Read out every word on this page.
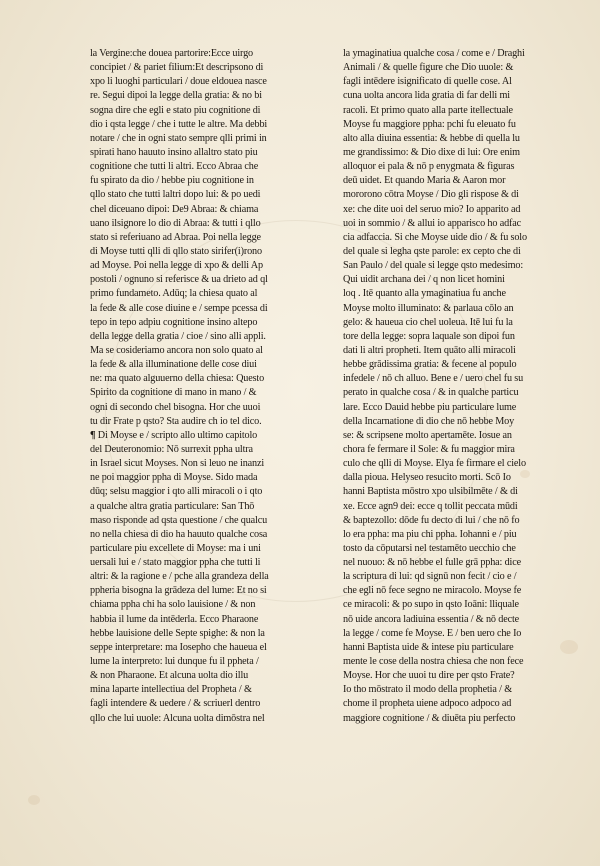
la Vergine:che douea partorire:Ecce uirgo
concipiet / & pariet filium:Et descripsono di
xpo li luoghi particulari / doue eldouea nasce
re. Segui dipoi la legge della gratia: & no bi
sogna dire che egli e stato piu cognitione di
dio i qsta legge / che i tutte le altre. Ma debbi
notare / che in ogni stato sempre qlli primi in
spirati hano hauuto insino allaltro stato piu
cognitione che tutti li altri. Ecco Abraa che
fu spirato da dio / hebbe piu cognitione in
qllo stato che tutti laltri dopo lui: & po uedi
chel diceuano dipoi: De9 Abraa: & chiama
uano ilsignore lo dio di Abraa: & tutti i qllo
stato si referiuano ad Abraa. Poi nella legge
di Moyse tutti qlli di qllo stato sirifer(i)rono
ad Moyse. Poi nella legge di xpo & delli Ap
postoli / ognuno si referisce & ua drieto ad ql
primo fundameto. Adūq; la chiesa quato al
la fede & alle cose diuine e / sempe pcessa di
tepo in tepo adpiu cognitione insino altepo
della legge della gratia / cioe / sino alli appli.
Ma se cosideriamo ancora non solo quato al
la fede & alla illuminatione delle cose diui
ne: ma quato alguuerno della chiesa: Questo
Spirito da cognitione di mano in mano / &
ogni di secondo chel bisogna. Hor che uuoi
tu dir Frate p qsto? Sta audire ch io tel dico.
¶ Di Moyse e / scripto allo ultimo capitolo
del Deuteronomio: Nō surrexit ppha ultra
in Israel sicut Moyses. Non si leuo ne inanzi
ne poi maggior ppha di Moyse. Sido mada
dūq; selsu maggior i qto alli miracoli o i qto
a qualche altra gratia particulare: San Thō
maso risponde ad qsta questione / che qualcu
no nella chiesa di dio ha hauuto qualche cosa
particulare piu excellete di Moyse: ma i uni
uersali lui e / stato maggior ppha che tutti li
altri: & la ragione e / pche alla grandeza della
ppheria bisogna la grādeza del lume: Et no si
chiama ppha chi ha solo lauisione / & non
habbia il lume da intēderla. Ecco Pharaone
hebbe lauisione delle Septe spighe: & non la
seppe interpretare: ma Iosepho che haueua el
lume la interpreto: lui dunque fu il ppheta /
& non Pharaone. Et alcuna uolta dio illu
mina laparte intellectiua del Propheta / &
fagli intendere & uedere / & scriuerl dentro
qllo che lui uuole: Alcuna uolta dimōstra nel
la ymaginatiua qualche cosa / come e / Draghi
Animali / & quelle figure che Dio uuole: &
fagli intēdere isignificato di quelle cose. Al
cuna uolta ancora lida gratia di far delli mi
racoli. Et primo quato alla parte itellectuale
Moyse fu maggiore ppha: pchi fu eleuato fu
alto alla diuina essentia: & hebbe di quella lu
me grandissimo: & Dio dixe di lui: Ore enim
alloquor ei pala & nō p enygmata & figuras
deū uidet. Et quando Maria & Aaron mor
mororono cōtra Moyse / Dio gli rispose & di
xe: che dite uoi del seruo mio? Io apparito ad
uoi in sommio / & allui io apparisco ho adfac
cia adfaccia. Si che Moyse uide dio / & fu solo
del quale si legha qste parole: ex cepto che di
San Paulo / del quale si legge qsto medesimo:
Qui uidit archana dei / q non licet homini
loq . Itē quanto alla ymaginatiua fu anche
Moyse molto illuminato: & parlaua cōlo an
gelo: & haueua cio chel uoleua. Itē lui fu la
tore della legge: sopra laquale son dipoi fun
dati li altri propheti. Item quāto alli miracoli
hebbe grādissima gratia: & fecene al populo
infedele / nō ch alluo. Bene e / uero chel fu su
perato in qualche cosa / & in qualche particu
lare. Ecco Dauid hebbe piu particulare lume
della Incarnatione di dio che nō hebbe Moy
se: & scripsene molto apertamēte. Iosue an
chora fe fermare il Sole: & fu maggior mira
culo che qlli di Moyse. Elya fe firmare el cielo
dalla pioua. Helyseo resucito morti. Scō Io
hanni Baptista mōstro xpo ulsibilmēte / & di
xe. Ecce agn9 dei: ecce q tollit peccata mūdi
& baptezollo: dōde fu decto di lui / che nō fo
lo era ppha: ma piu chi ppha. Iohanni e / piu
tosto da cōputarsi nel testamēto uecchio che
nel nuouo: & nō hebbe el fulle grā ppha: dice
la scriptura di lui: qd signū non fecit / cio e /
che egli nō fece segno ne miracolo. Moyse fe
ce miracoli: & po supo in qsto Ioāni: lliquale
nō uide ancora ladiuina essentia / & nō decte
la legge / come fe Moyse. E / ben uero che Io
hanni Baptista uide & intese piu particulare
mente le cose della nostra chiesa che non fece
Moyse. Hor che uuoi tu dire per qsto Frate?
Io tho mōstrato il modo della prophetia / &
chome il propheta uiene adpoco adpoco ad
maggiore cognitione / & diuēta piu perfecto
